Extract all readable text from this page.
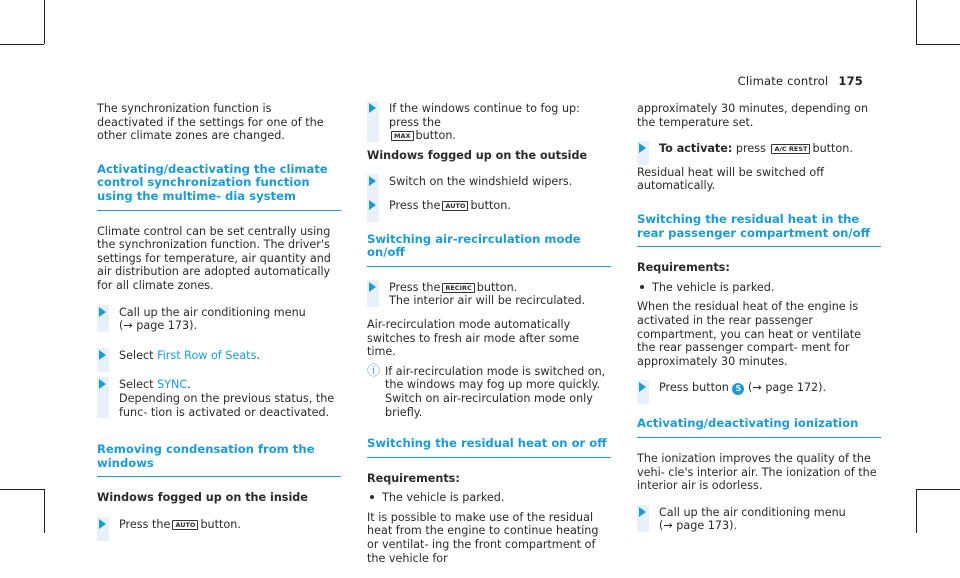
Climate control 175
The synchronization function is deactivated if the settings for one of the other climate zones are changed.
Activating/deactivating the climate control synchronization function using the multime- dia system
Climate control can be set centrally using the synchronization function. The driver's settings for temperature, air quantity and air distribution are adopted automatically for all climate zones.
Call up the air conditioning menu
(→ page 173).
Select First Row of Seats.
Select SYNC.
Depending on the previous status, the func- tion is activated or deactivated.
Removing condensation from the windows
Windows fogged up on the inside
Press the AUTO button.
If the windows continue to fog up: press the
MAX button.
Windows fogged up on the outside
Switch on the windshield wipers.
Press the AUTO button.
Switching air-recirculation mode on/off
Press the RECIRC button.
The interior air will be recirculated.
Air-recirculation mode automatically switches to fresh air mode after some time.
ⓘ If air-recirculation mode is switched on, the windows may fog up more quickly. Switch on air-recirculation mode only briefly.
Switching the residual heat on or off
Requirements:
The vehicle is parked.
It is possible to make use of the residual heat from the engine to continue heating or ventilat- ing the front compartment of the vehicle for
approximately 30 minutes, depending on the temperature set.
To activate: press A/C REST button.
Residual heat will be switched off automatically.
Switching the residual heat in the rear passenger compartment on/off
Requirements:
The vehicle is parked.
When the residual heat of the engine is activated in the rear passenger compartment, you can heat or ventilate the rear passenger compart- ment for approximately 30 minutes.
Press button 5 (→ page 172).
Activating/deactivating ionization
The ionization improves the quality of the vehi- cle's interior air. The ionization of the interior air is odorless.
Call up the air conditioning menu
(→ page 173).
